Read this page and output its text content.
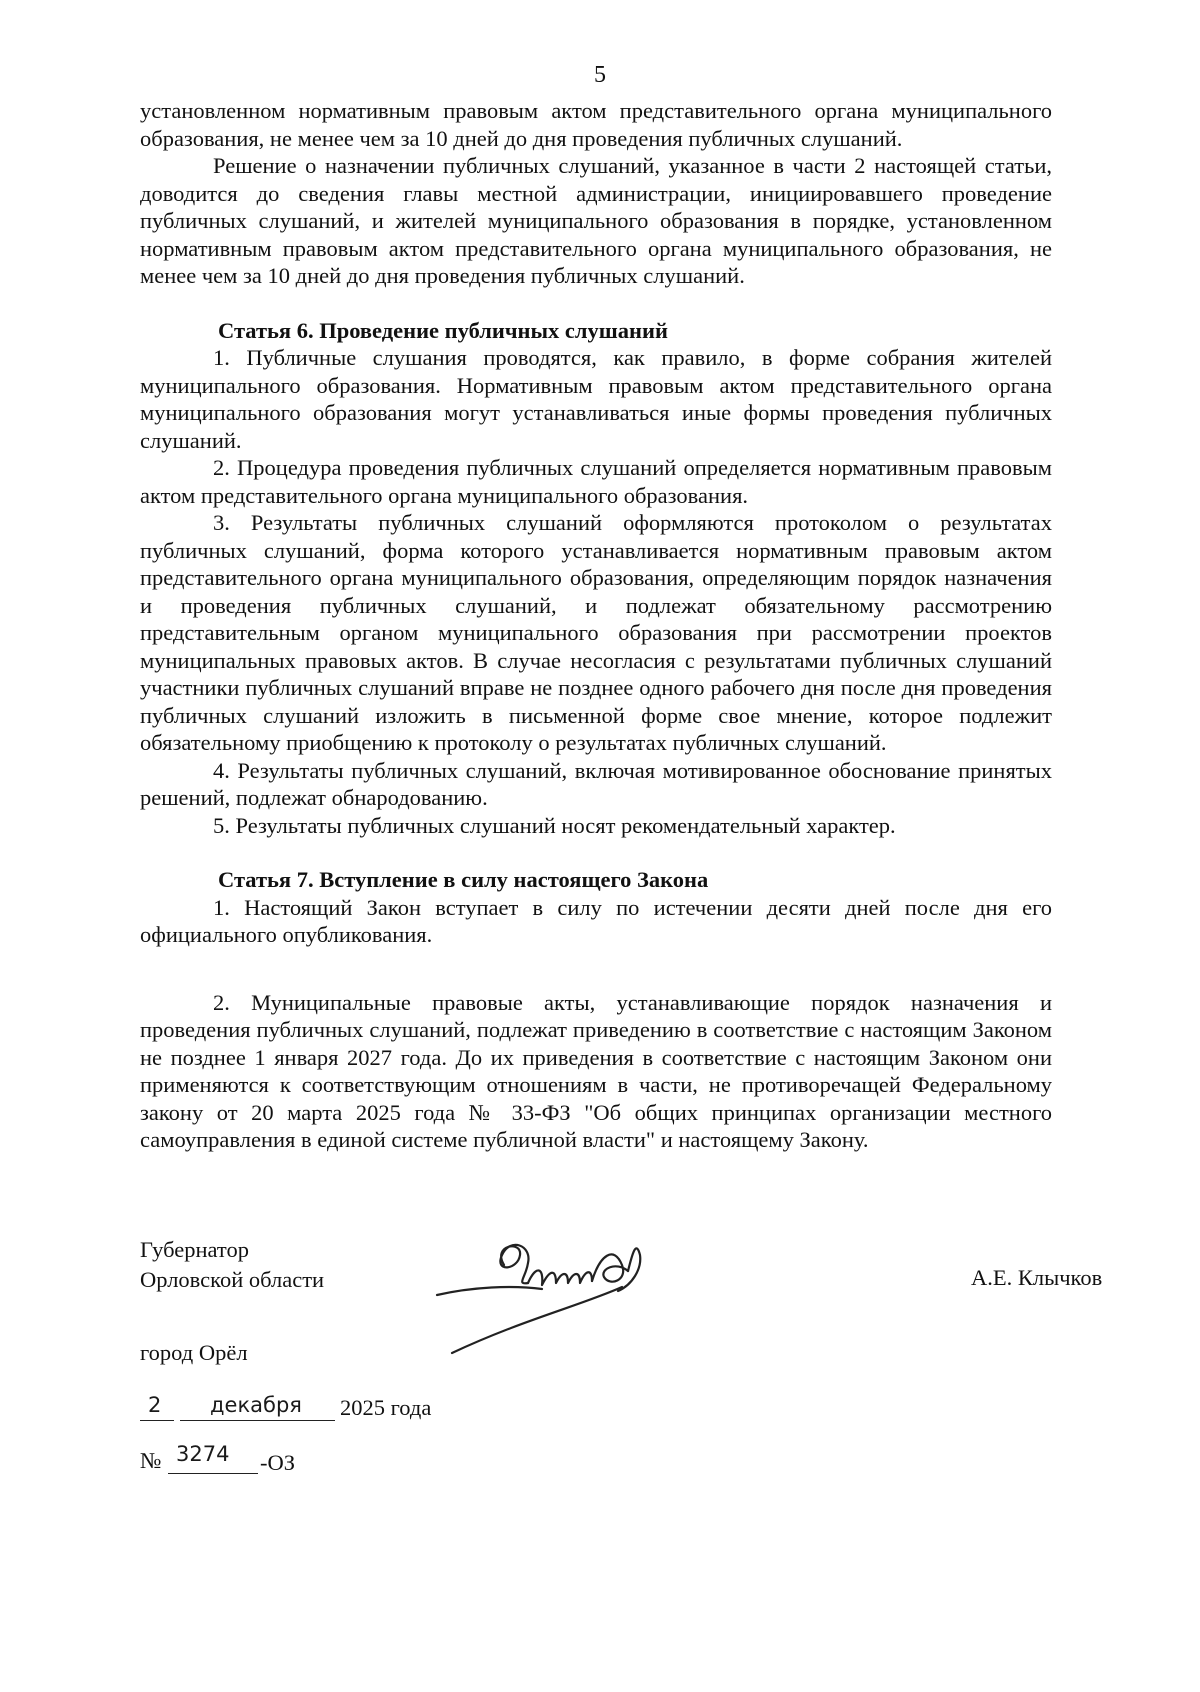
5

установленном нормативным правовым актом представительного органа муниципального образования, не менее чем за 10 дней до дня проведения публичных слушаний.

Решение о назначении публичных слушаний, указанное в части 2 настоящей статьи, доводится до сведения главы местной администрации, инициировавшего проведение публичных слушаний, и жителей муниципального образования в порядке, установленном нормативным правовым актом представительного органа муниципального образования, не менее чем за 10 дней до дня проведения публичных слушаний.

Статья 6. Проведение публичных слушаний

1. Публичные слушания проводятся, как правило, в форме собрания жителей муниципального образования. Нормативным правовым актом представительного органа муниципального образования могут устанавливаться иные формы проведения публичных слушаний.

2. Процедура проведения публичных слушаний определяется нормативным правовым актом представительного органа муниципального образования.

3. Результаты публичных слушаний оформляются протоколом о результатах публичных слушаний, форма которого устанавливается нормативным правовым актом представительного органа муниципального образования, определяющим порядок назначения и проведения публичных слушаний, и подлежат обязательному рассмотрению представительным органом муниципального образования при рассмотрении проектов муниципальных правовых актов. В случае несогласия с результатами публичных слушаний участники публичных слушаний вправе не позднее одного рабочего дня после дня проведения публичных слушаний изложить в письменной форме свое мнение, которое подлежит обязательному приобщению к протоколу о результатах публичных слушаний.

4. Результаты публичных слушаний, включая мотивированное обоснование принятых решений, подлежат обнародованию.

5. Результаты публичных слушаний носят рекомендательный характер.

Статья 7. Вступление в силу настоящего Закона

1. Настоящий Закон вступает в силу по истечении десяти дней после дня его официального опубликования.

2. Муниципальные правовые акты, устанавливающие порядок назначения и проведения публичных слушаний, подлежат приведению в соответствие с настоящим Законом не позднее 1 января 2027 года. До их приведения в соответствие с настоящим Законом они применяются к соответствующим отношениям в части, не противоречащей Федеральному закону от 20 марта 2025 года № 33-ФЗ "Об общих принципах организации местного самоуправления в единой системе публичной власти" и настоящему Закону.

Губернатор
Орловской области	А.Е. Клычков
город Орёл
2 декабря 2025 года
№ 3274 -ОЗ
